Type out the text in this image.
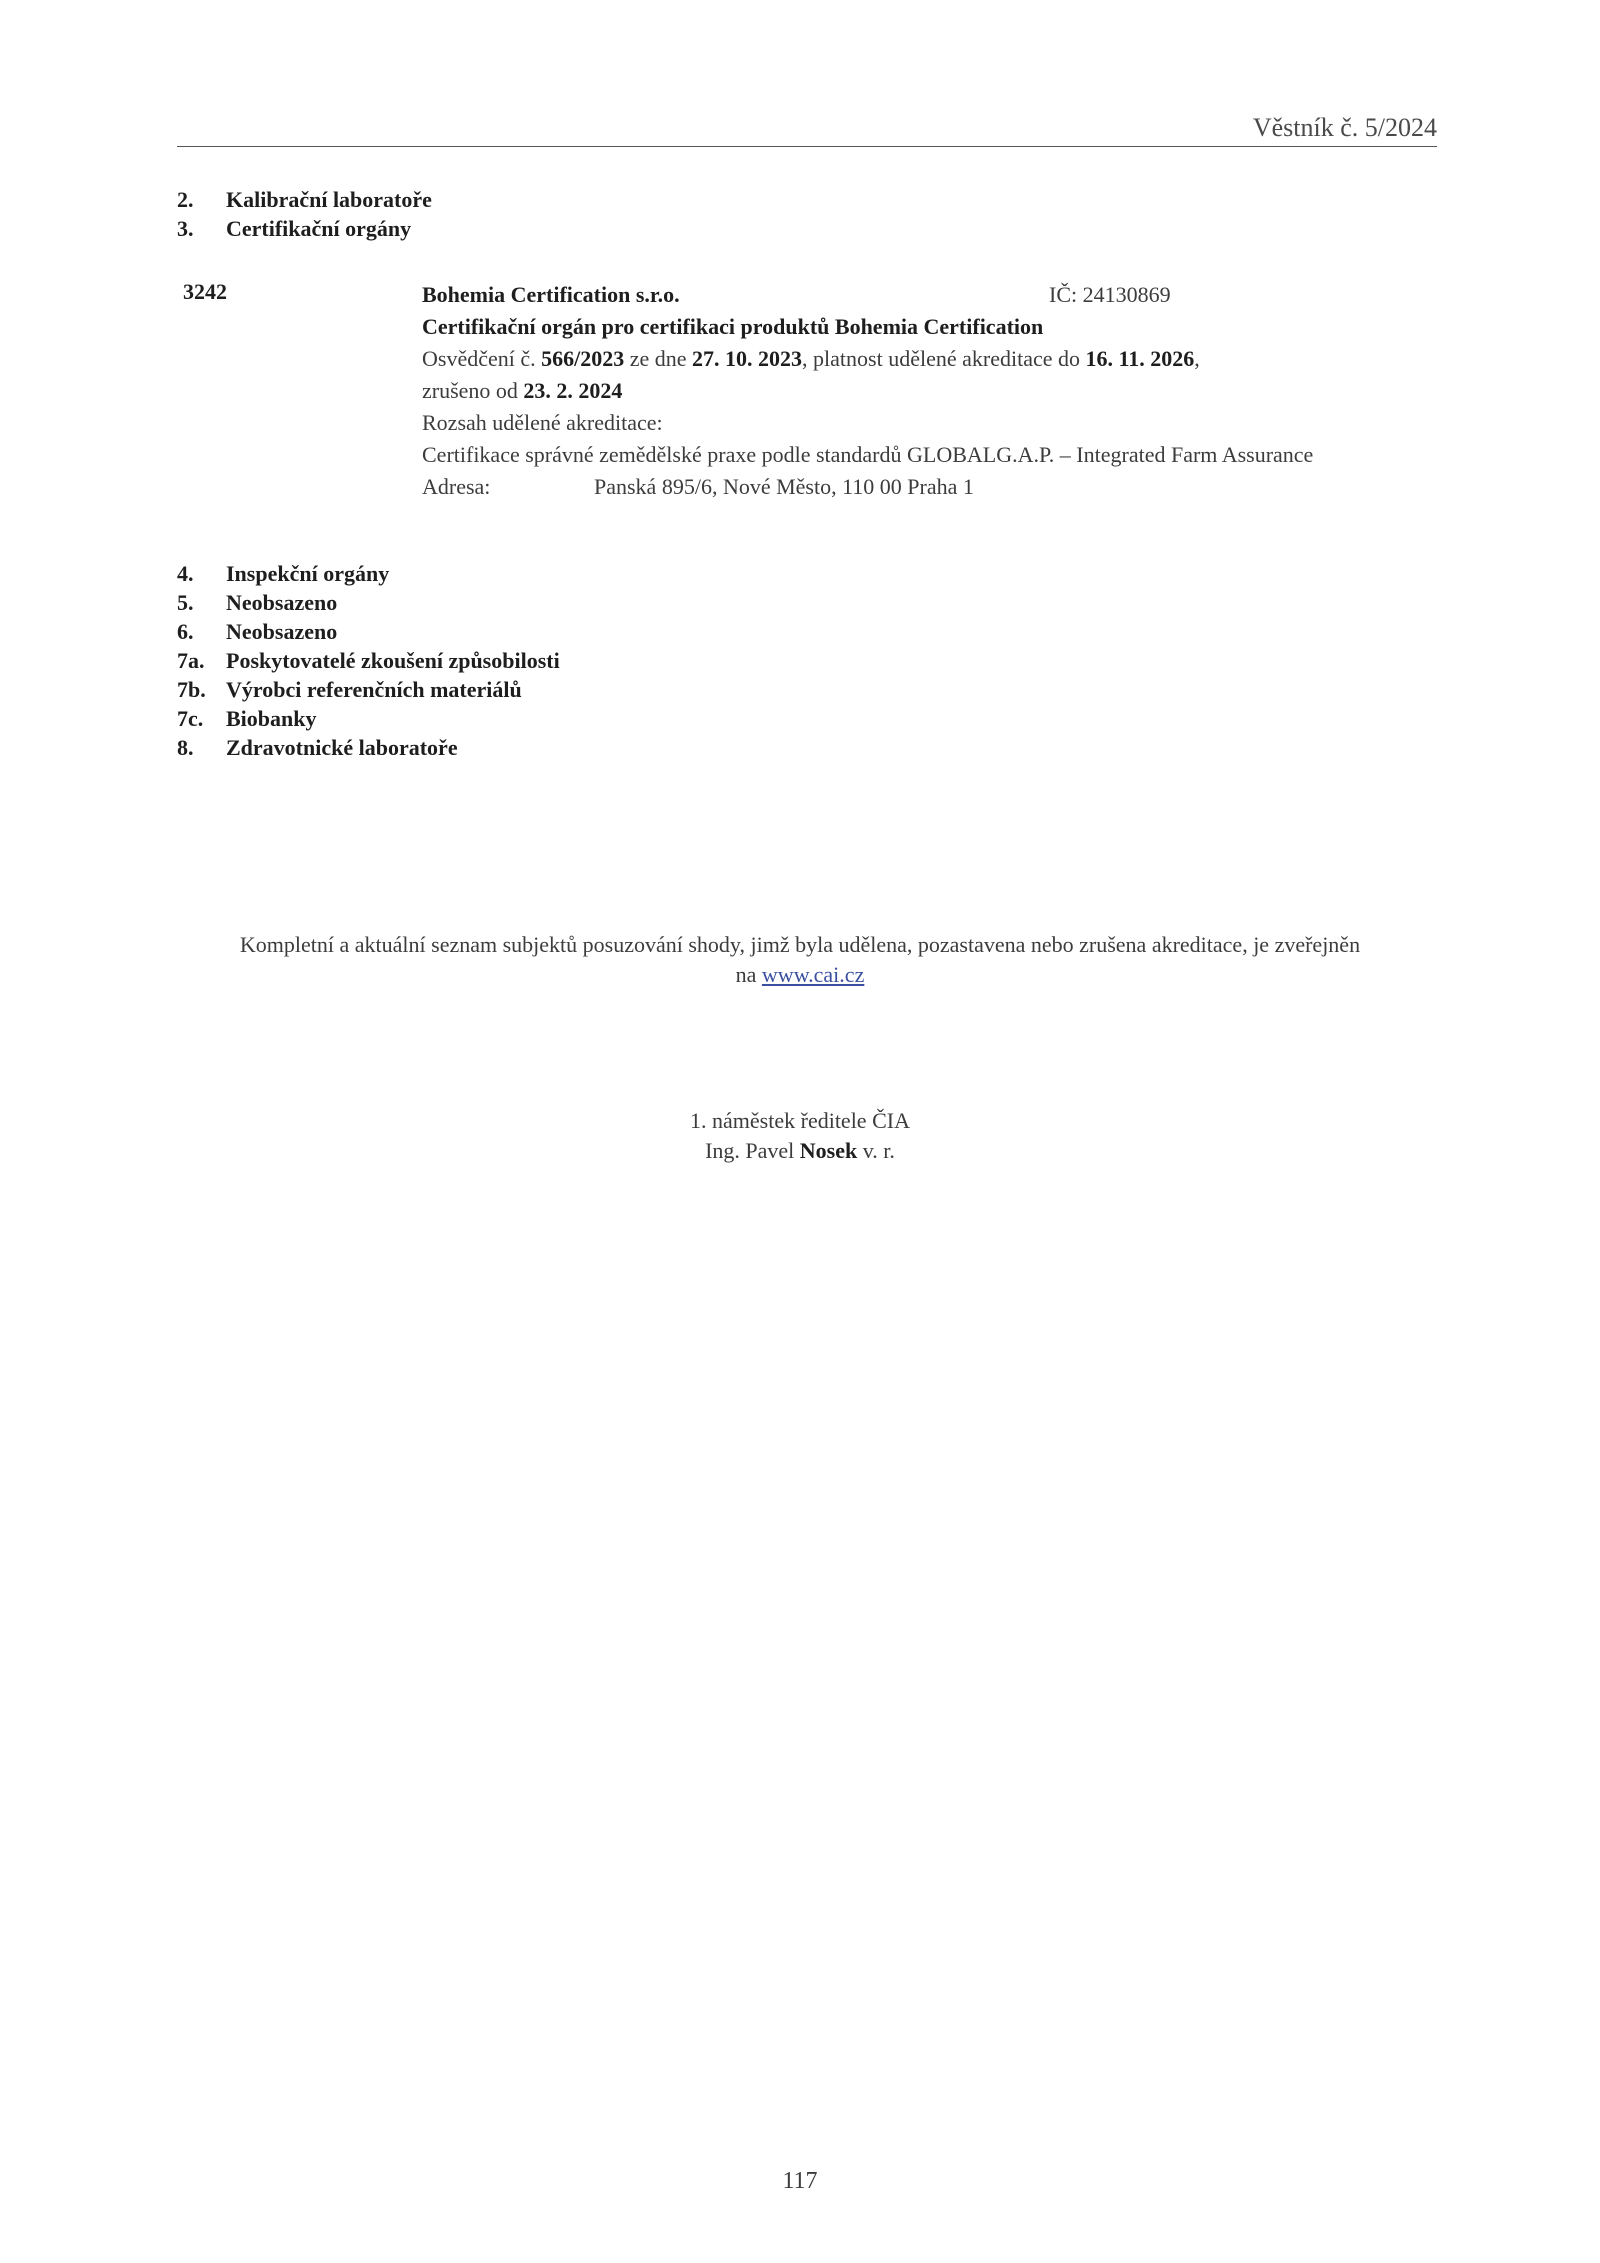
Věstník č. 5/2024
2.	Kalibrační laboratoře
3.	Certifikační orgány
3242	Bohemia Certification s.r.o.	IČ: 24130869
Certifikační orgán pro certifikaci produktů Bohemia Certification
Osvědčení č. 566/2023 ze dne 27. 10. 2023, platnost udělené akreditace do 16. 11. 2026,
zrušeno od 23. 2. 2024
Rozsah udělené akreditace:
Certifikace správné zemědělské praxe podle standardů GLOBALG.A.P. – Integrated Farm Assurance
Adresa:	Panská 895/6, Nové Město, 110 00 Praha 1
4.	Inspekční orgány
5.	Neobsazeno
6.	Neobsazeno
7a. Poskytovatelé zkoušení způsobilosti
7b. Výrobci referenčních materiálů
7c.	Biobanky
8.	Zdravotnické laboratoře
Kompletní a aktuální seznam subjektů posuzování shody, jimž byla udělena, pozastavena nebo zrušena akreditace, je zveřejněn
na www.cai.cz
1. náměstek ředitele ČIA
Ing. Pavel Nosek v. r.
117
